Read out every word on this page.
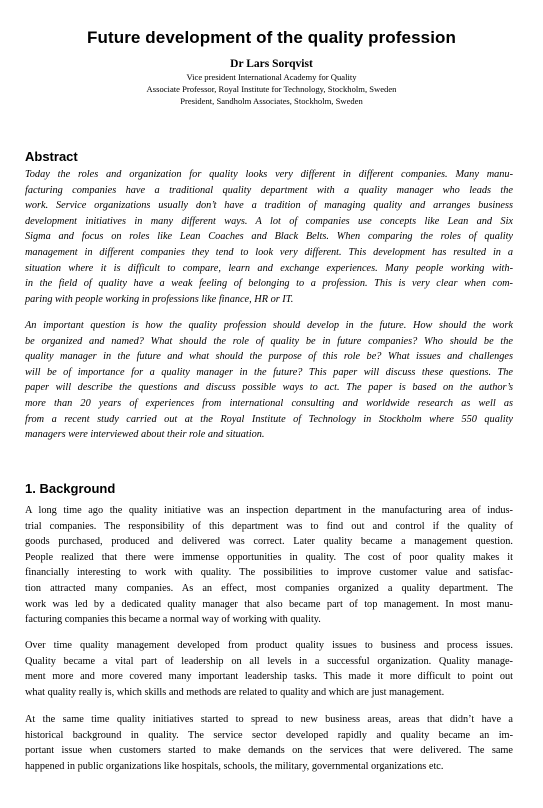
Future development of the quality profession
Dr Lars Sorqvist
Vice president International Academy for Quality
Associate Professor, Royal Institute for Technology, Stockholm, Sweden
President, Sandholm Associates, Stockholm, Sweden
Abstract
Today the roles and organization for quality looks very different in different companies. Many manu-
facturing companies have a traditional quality department with a quality manager who leads the
work. Service organizations usually don’t have a tradition of managing quality and arranges business
development initiatives in many different ways. A lot of companies use concepts like Lean and Six
Sigma and focus on roles like Lean Coaches and Black Belts. When comparing the roles of quality
management in different companies they tend to look very different. This development has resulted in a
situation where it is difficult to compare, learn and exchange experiences. Many people working with-
in the field of quality have a weak feeling of belonging to a profession. This is very clear when com-
paring with people working in professions like finance, HR or IT.
An important question is how the quality profession should develop in the future. How should the work
be organized and named? What should the role of quality be in future companies? Who should be the
quality manager in the future and what should the purpose of this role be? What issues and challenges
will be of importance for a quality manager in the future? This paper will discuss these questions. The
paper will describe the questions and discuss possible ways to act. The paper is based on the author’s
more than 20 years of experiences from international consulting and worldwide research as well as
from a recent study carried out at the Royal Institute of Technology in Stockholm where 550 quality
managers were interviewed about their role and situation.
1. Background
A long time ago the quality initiative was an inspection department in the manufacturing area of indus-
trial companies. The responsibility of this department was to find out and control if the quality of
goods purchased, produced and delivered was correct. Later quality became a management question.
People realized that there were immense opportunities in quality. The cost of poor quality makes it
financially interesting to work with quality. The possibilities to improve customer value and satisfac-
tion attracted many companies. As an effect, most companies organized a quality department. The
work was led by a dedicated quality manager that also became part of top management. In most manu-
facturing companies this became a normal way of working with quality.
Over time quality management developed from product quality issues to business and process issues.
Quality became a vital part of leadership on all levels in a successful organization. Quality manage-
ment more and more covered many important leadership tasks. This made it more difficult to point out
what quality really is, which skills and methods are related to quality and which are just management.
At the same time quality initiatives started to spread to new business areas, areas that didn’t have a
historical background in quality. The service sector developed rapidly and quality became an im-
portant issue when customers started to make demands on the services that were delivered. The same
happened in public organizations like hospitals, schools, the military, governmental organizations etc.
